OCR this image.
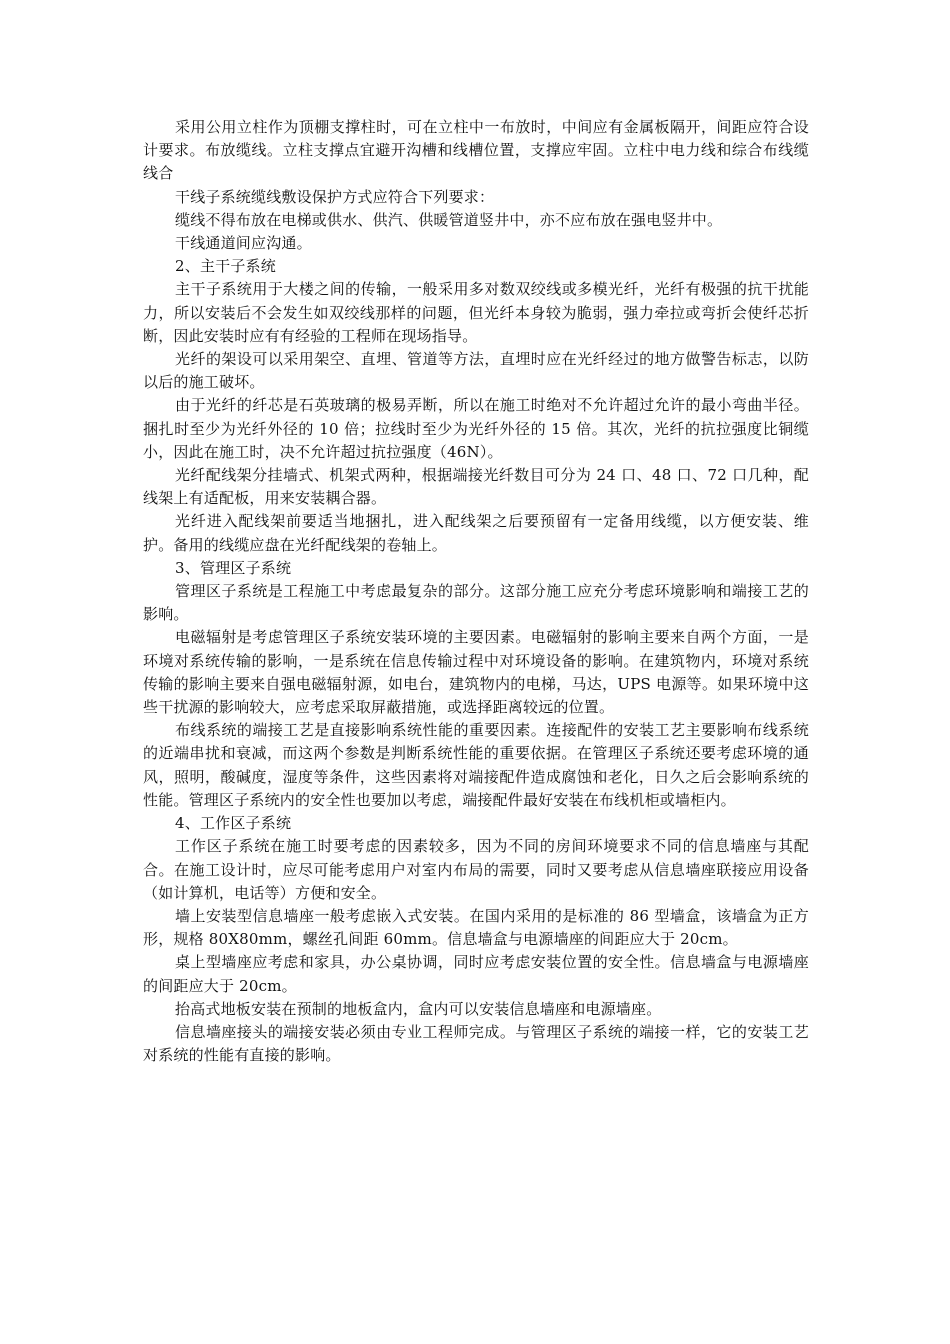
采用公用立柱作为顶棚支撑柱时，可在立柱中一布放时，中间应有金属板隔开，间距应符合设计要求。布放缆线。立柱支撑点宜避开沟槽和线槽位置，支撑应牢固。立柱中电力线和综合布线缆线合

干线子系统缆线敷设保护方式应符合下列要求：

缆线不得布放在电梯或供水、供汽、供暖管道竖井中，亦不应布放在强电竖井中。

干线通道间应沟通。

2、主干子系统

主干子系统用于大楼之间的传输，一般采用多对数双绞线或多模光纤，光纤有极强的抗干扰能力，所以安装后不会发生如双绞线那样的问题，但光纤本身较为脆弱，强力牵拉或弯折会使纤芯折断，因此安装时应有有经验的工程师在现场指导。

光纤的架设可以采用架空、直埋、管道等方法，直埋时应在光纤经过的地方做警告标志，以防以后的施工破坏。

由于光纤的纤芯是石英玻璃的极易弄断，所以在施工时绝对不允许超过允许的最小弯曲半径。捆扎时至少为光纤外径的 10 倍；拉线时至少为光纤外径的 15 倍。其次，光纤的抗拉强度比铜缆小，因此在施工时，决不允许超过抗拉强度（46N）。

光纤配线架分挂墙式、机架式两种，根据端接光纤数目可分为 24 口、48 口、72 口几种，配线架上有适配板，用来安装耦合器。

光纤进入配线架前要适当地捆扎，进入配线架之后要预留有一定备用线缆，以方便安装、维护。备用的线缆应盘在光纤配线架的卷轴上。

3、管理区子系统

管理区子系统是工程施工中考虑最复杂的部分。这部分施工应充分考虑环境影响和端接工艺的影响。

电磁辐射是考虑管理区子系统安装环境的主要因素。电磁辐射的影响主要来自两个方面，一是环境对系统传输的影响，一是系统在信息传输过程中对环境设备的影响。在建筑物内，环境对系统传输的影响主要来自强电磁辐射源，如电台，建筑物内的电梯，马达，UPS 电源等。如果环境中这些干扰源的影响较大，应考虑采取屏蔽措施，或选择距离较远的位置。

布线系统的端接工艺是直接影响系统性能的重要因素。连接配件的安装工艺主要影响布线系统的近端串扰和衰减，而这两个参数是判断系统性能的重要依据。在管理区子系统还要考虑环境的通风，照明，酸碱度，湿度等条件，这些因素将对端接配件造成腐蚀和老化，日久之后会影响系统的性能。管理区子系统内的安全性也要加以考虑，端接配件最好安装在布线机柜或墙柜内。

4、工作区子系统

工作区子系统在施工时要考虑的因素较多，因为不同的房间环境要求不同的信息墙座与其配合。在施工设计时，应尽可能考虑用户对室内布局的需要，同时又要考虑从信息墙座联接应用设备（如计算机，电话等）方便和安全。

墙上安装型信息墙座一般考虑嵌入式安装。在国内采用的是标准的 86 型墙盒，该墙盒为正方形，规格 80X80mm，螺丝孔间距 60mm。信息墙盒与电源墙座的间距应大于 20cm。

桌上型墙座应考虑和家具，办公桌协调，同时应考虑安装位置的安全性。信息墙盒与电源墙座的间距应大于 20cm。

抬高式地板安装在预制的地板盒内，盒内可以安装信息墙座和电源墙座。

信息墙座接头的端接安装必须由专业工程师完成。与管理区子系统的端接一样，它的安装工艺对系统的性能有直接的影响。
